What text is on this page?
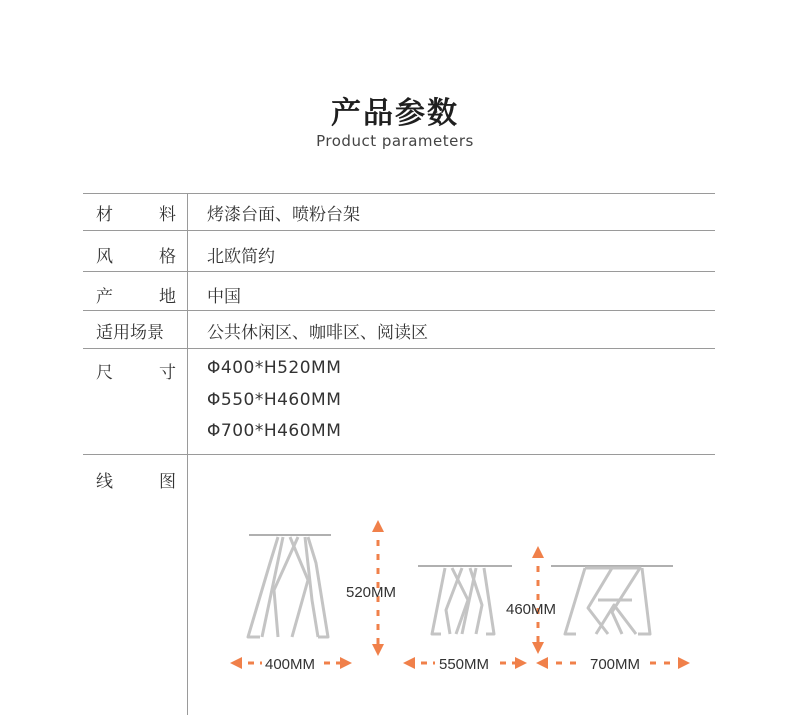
产品参数
Product parameters
材	料 烤漆台面、喷粉台架
风	格 北欧简约
产	地 中国
适用场景	公共休闲区、咖啡区、阅读区
尺	寸 Φ400*H520MM
Φ550*H460MM
Φ700*H460MM
线	图
520MM
460MM
400MM	550MM	700MM
